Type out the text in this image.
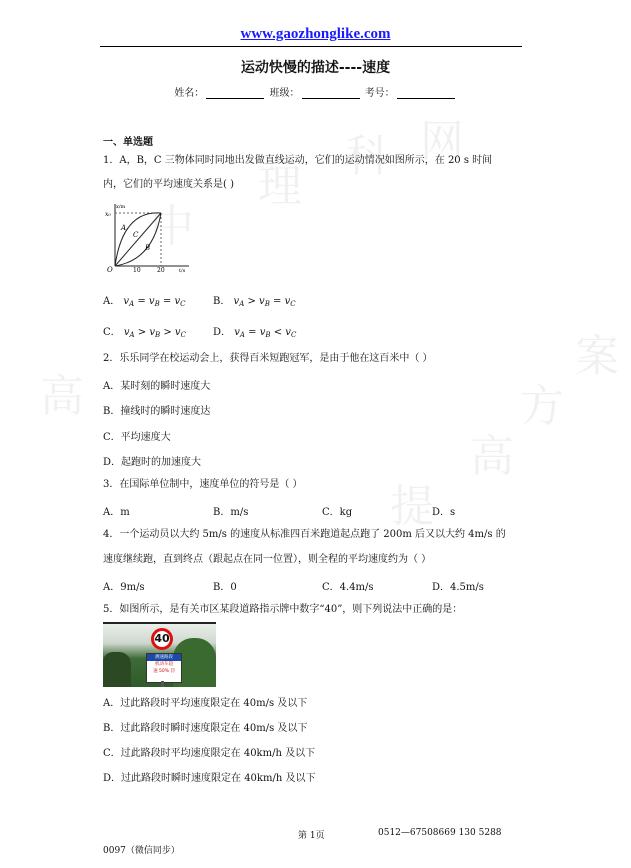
高
中
理
科 网
提
高
方
案
www.gaozhonglike.com
运动快慢的描述----速度
姓名：	班级：	考号：
一、单选题
1．A，B，C 三物体同时同地出发做直线运动，它们的运动情况如图所示，在 20 s 时间
内，它们的平均速度关系是( )
x/m
x₀
A
C
B
O	10	20	t/s
A． $v_A = v_B = v_C$	B． $v_A > v_B = v_C$
C． $v_A > v_B > v_C$	D． $v_A = v_B < v_C$
2．乐乐同学在校运动会上，获得百米短跑冠军，是由于他在这百米中（ ）
A．某时刻的瞬时速度大
B．撞线时的瞬时速度达
C．平均速度大
D．起跑时的加速度大
3．在国际单位制中，速度单位的符号是（ ）
A．m	B．m/s	C．kg	D．s
4．一个运动员以大约 5m/s 的速度从标准四百米跑道起点跑了 200m 后又以大约 4m/s 的
速度继续跑，直到终点（跟起点在同一位置），则全程的平均速度约为（ ）
A．9m/s	B．0	C．4.4m/s	D．4.5m/s
5．如图所示，是有关市区某段道路指示牌中数字“40”，则下列说法中正确的是：
40
测速路段
机动车超
速 50% 罚
A．过此路段时平均速度限定在 40m/s 及以下
B．过此路段时瞬时速度限定在 40m/s 及以下
C．过此路段时平均速度限定在 40km/h 及以下
D．过此路段时瞬时速度限定在 40km/h 及以下
第 1页	0512—67508669 130 5288
0097（微信同步）
